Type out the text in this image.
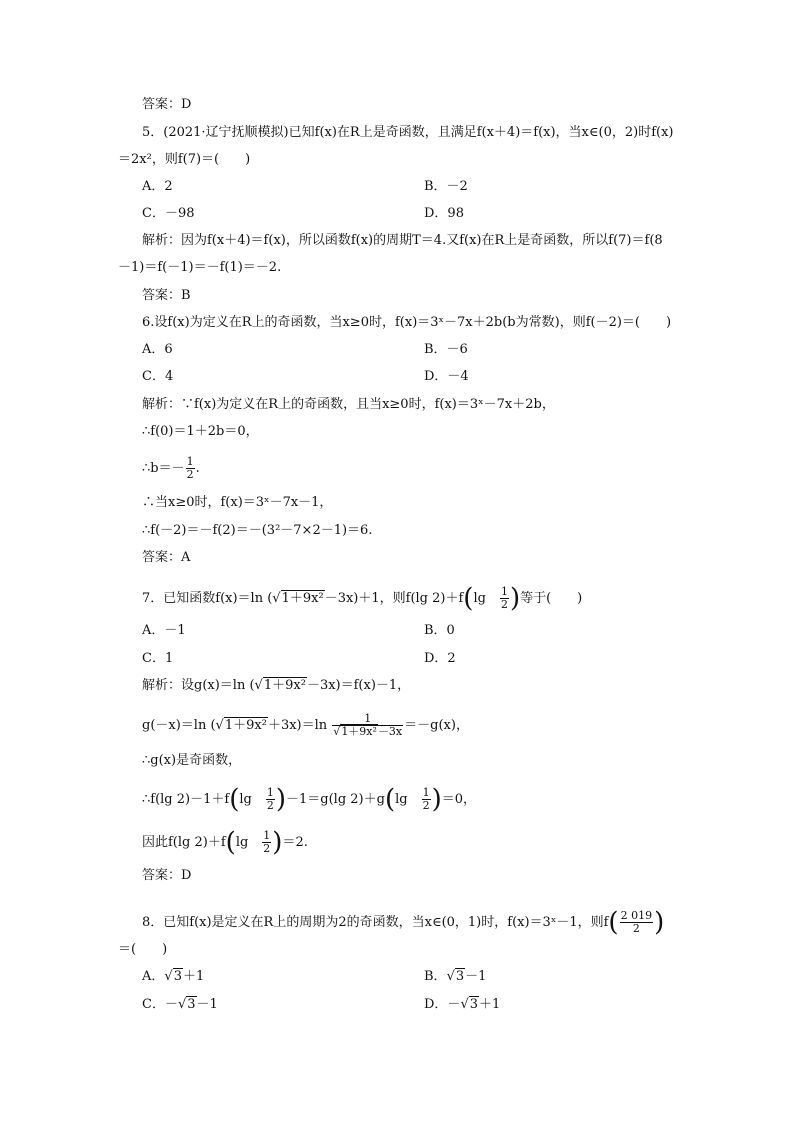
答案：D
5．(2021·辽宁抚顺模拟)已知f(x)在R上是奇函数，且满足f(x＋4)＝f(x)，当x∈(0，2)时f(x)
＝2x²，则f(7)＝(　　)
A．2	B．－2
C．－98	D．98
解析：因为f(x＋4)＝f(x)，所以函数f(x)的周期T＝4.又f(x)在R上是奇函数，所以f(7)＝f(8
－1)＝f(－1)＝－f(1)＝－2.
答案：B
6.设f(x)为定义在R上的奇函数，当x≥0时，f(x)＝3ˣ－7x＋2b(b为常数)，则f(－2)＝(　　)
A．6	B．－6
C．4	D．－4
解析：∵f(x)为定义在R上的奇函数，且当x≥0时，f(x)＝3ˣ－7x＋2b，
∴f(0)＝1＋2b＝0，
∴b＝－ $\frac{1}{2}$ .
∴当x≥0时，f(x)＝3ˣ－7x－1，
∴f(－2)＝－f(2)＝－(3²－7×2－1)＝6.
答案：A
7．已知函数f(x)＝ln (√1＋9x²－3x)＋1，则f(lg 2)＋f(lg　 $\frac{1}{2}$ )等于(　　)
A．－1	B．0
C．1	D．2
解析：设g(x)＝ln (√1＋9x²－3x)＝f(x)－1，
g(－x)＝ln $(√1+9x^2+3x)=\ln \frac{1}{\text{√1＋9x²－3x}} =-g(x)$，
∴g(x)是奇函数，
∴f(lg 2)－1＋f(lg　 $\frac{1}{2} )-1=g(\lg$ 2)＋g(lg　 $\frac{1}{2} )=0$，
因此f(lg 2)＋f(lg　 $\frac{1}{2} )=2$.
答案：D
8．已知f(x)是定义在R上的周期为2的奇函数，当x∈(0，1)时，f(x)＝3ˣ－1，则$f( \frac{2 019}{2}$ )
＝(　　)
A．√3＋1	B．√3－1
C．－√3－1	D．－√3＋1
